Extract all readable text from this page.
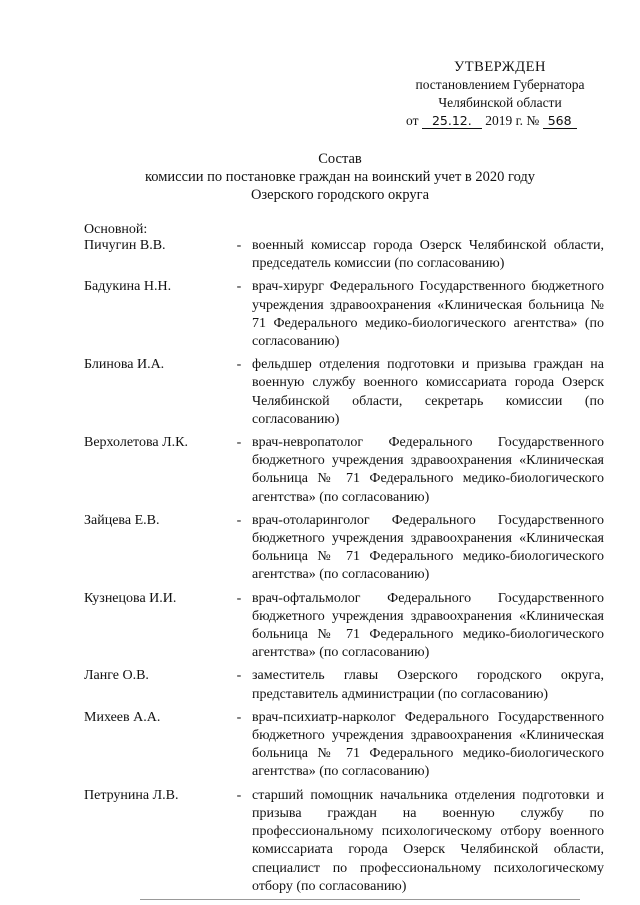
УТВЕРЖДЕН
постановлением Губернатора
Челябинской области
от 25.12. 2019 г. № 568
Состав
комиссии по постановке граждан на воинский учет в 2020 году
Озерского городского округа
Основной:
Пичугин В.В.	- военный комиссар города Озерск Челябинской области, председатель комиссии (по согласованию)
Бадукина Н.Н.	- врач-хирург Федерального Государственного бюджетного учреждения здравоохранения «Клиническая больница № 71 Федерального медико-биологического агентства» (по согласованию)
Блинова И.А.	- фельдшер отделения подготовки и призыва граждан на военную службу военного комиссариата города Озерск Челябинской области, секретарь комиссии (по согласованию)
Верхолетова Л.К.	- врач-невропатолог Федерального Государственного бюджетного учреждения здравоохранения «Клиническая больница № 71 Федерального медико-биологического агентства» (по согласованию)
Зайцева Е.В.	- врач-отоларинголог Федерального Государственного бюджетного учреждения здравоохранения «Клиническая больница № 71 Федерального медико-биологического агентства» (по согласованию)
Кузнецова И.И.	- врач-офтальмолог Федерального Государственного бюджетного учреждения здравоохранения «Клиническая больница № 71 Федерального медико-биологического агентства» (по согласованию)
Ланге О.В.	- заместитель главы Озерского городского округа, представитель администрации (по согласованию)
Михеев А.А.	- врач-психиатр-нарколог Федерального Государственного бюджетного учреждения здравоохранения «Клиническая больница № 71 Федерального медико-биологического агентства» (по согласованию)
Петрунина Л.В.	- старший помощник начальника отделения подготовки и призыва граждан на военную службу по профессиональному психологическому отбору военного комиссариата города Озерск Челябинской области, специалист по профессиональному психологическому отбору (по согласованию)
